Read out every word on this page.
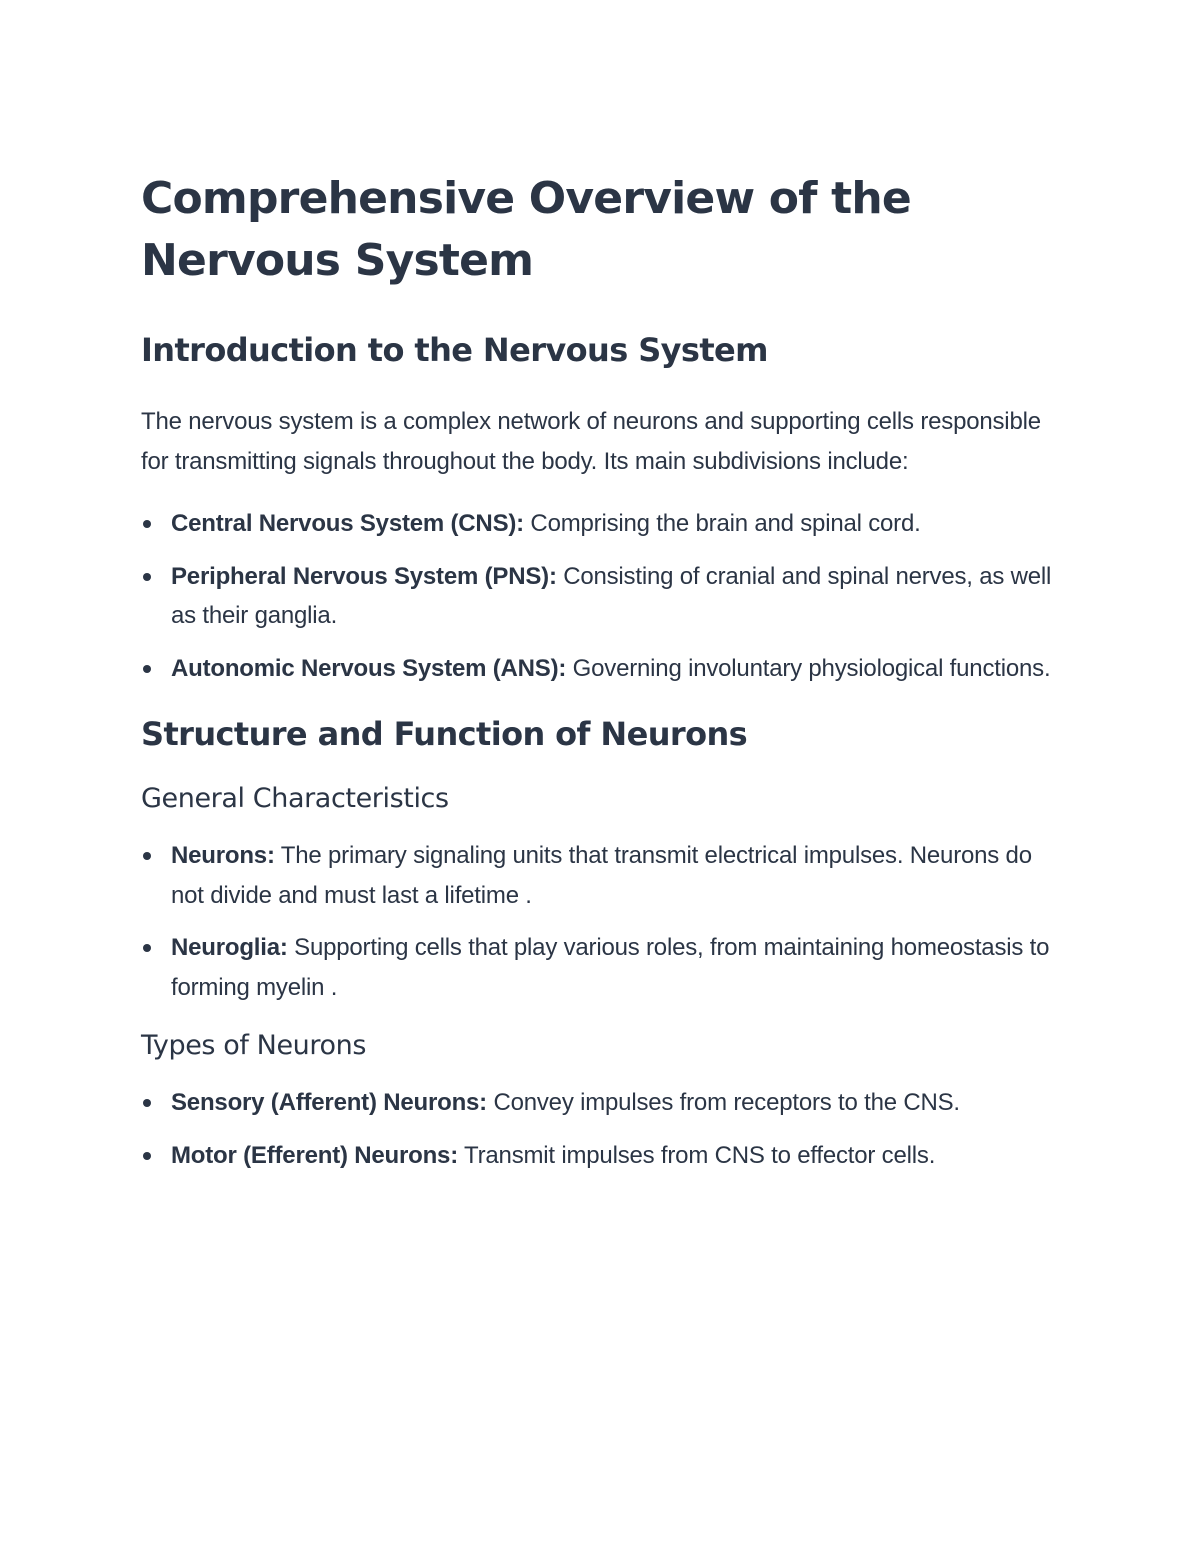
Comprehensive Overview of the Nervous System
Introduction to the Nervous System

The nervous system is a complex network of neurons and supporting cells responsible for transmitting signals throughout the body. Its main subdivisions include:

Central Nervous System (CNS): Comprising the brain and spinal cord.
Peripheral Nervous System (PNS): Consisting of cranial and spinal nerves, as well as their ganglia.
Autonomic Nervous System (ANS): Governing involuntary physiological functions.
Structure and Function of Neurons
General Characteristics
Neurons: The primary signaling units that transmit electrical impulses. Neurons do not divide and must last a lifetime .
Neuroglia: Supporting cells that play various roles, from maintaining homeostasis to forming myelin .
Types of Neurons
Sensory (Afferent) Neurons: Convey impulses from receptors to the CNS.
Motor (Efferent) Neurons: Transmit impulses from CNS to effector cells.
